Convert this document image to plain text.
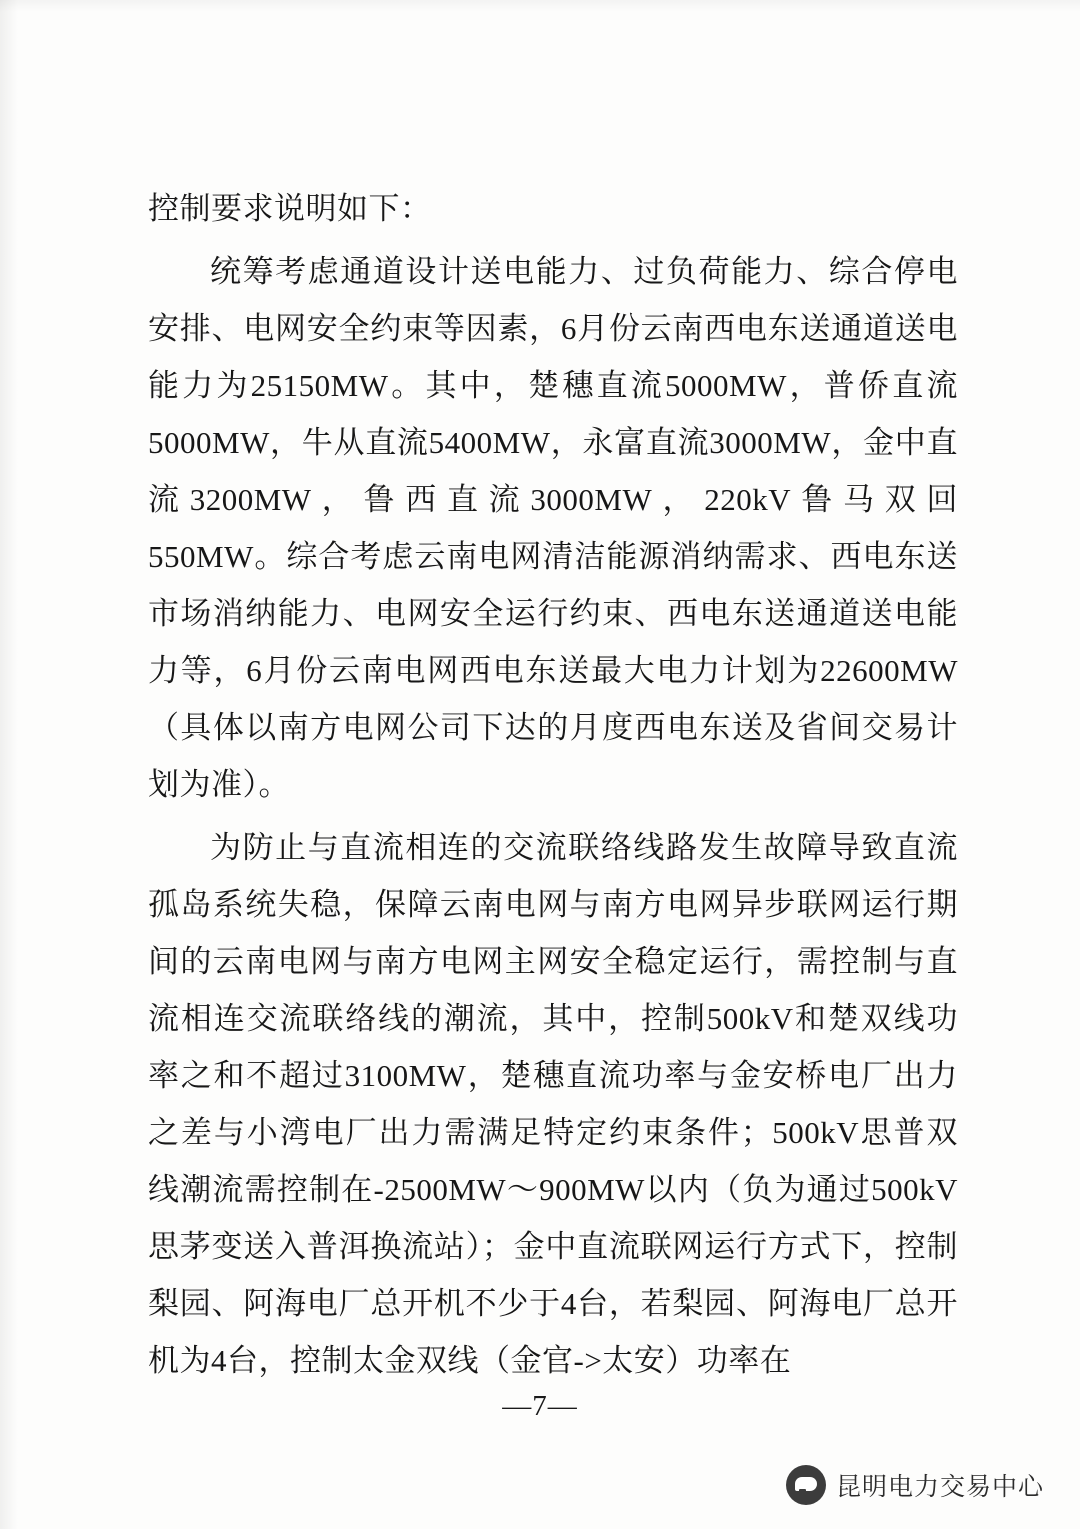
控制要求说明如下：

统筹考虑通道设计送电能力、过负荷能力、综合停电安排、电网安全约束等因素，6月份云南西电东送通道送电能力为25150MW。其中，楚穗直流5000MW，普侨直流5000MW，牛从直流5400MW，永富直流3000MW，金中直流3200MW，鲁西直流3000MW，220kV鲁马双回550MW。综合考虑云南电网清洁能源消纳需求、西电东送市场消纳能力、电网安全运行约束、西电东送通道送电能力等，6月份云南电网西电东送最大电力计划为22600MW（具体以南方电网公司下达的月度西电东送及省间交易计划为准）。

为防止与直流相连的交流联络线路发生故障导致直流孤岛系统失稳，保障云南电网与南方电网异步联网运行期间的云南电网与南方电网主网安全稳定运行，需控制与直流相连交流联络线的潮流，其中，控制500kV和楚双线功率之和不超过3100MW，楚穗直流功率与金安桥电厂出力之差与小湾电厂出力需满足特定约束条件；500kV思普双线潮流需控制在-2500MW～900MW以内（负为通过500kV思茅变送入普洱换流站）；金中直流联网运行方式下，控制梨园、阿海电厂总开机不少于4台，若梨园、阿海电厂总开机为4台，控制太金双线（金官->太安）功率在

—7—
昆明电力交易中心
